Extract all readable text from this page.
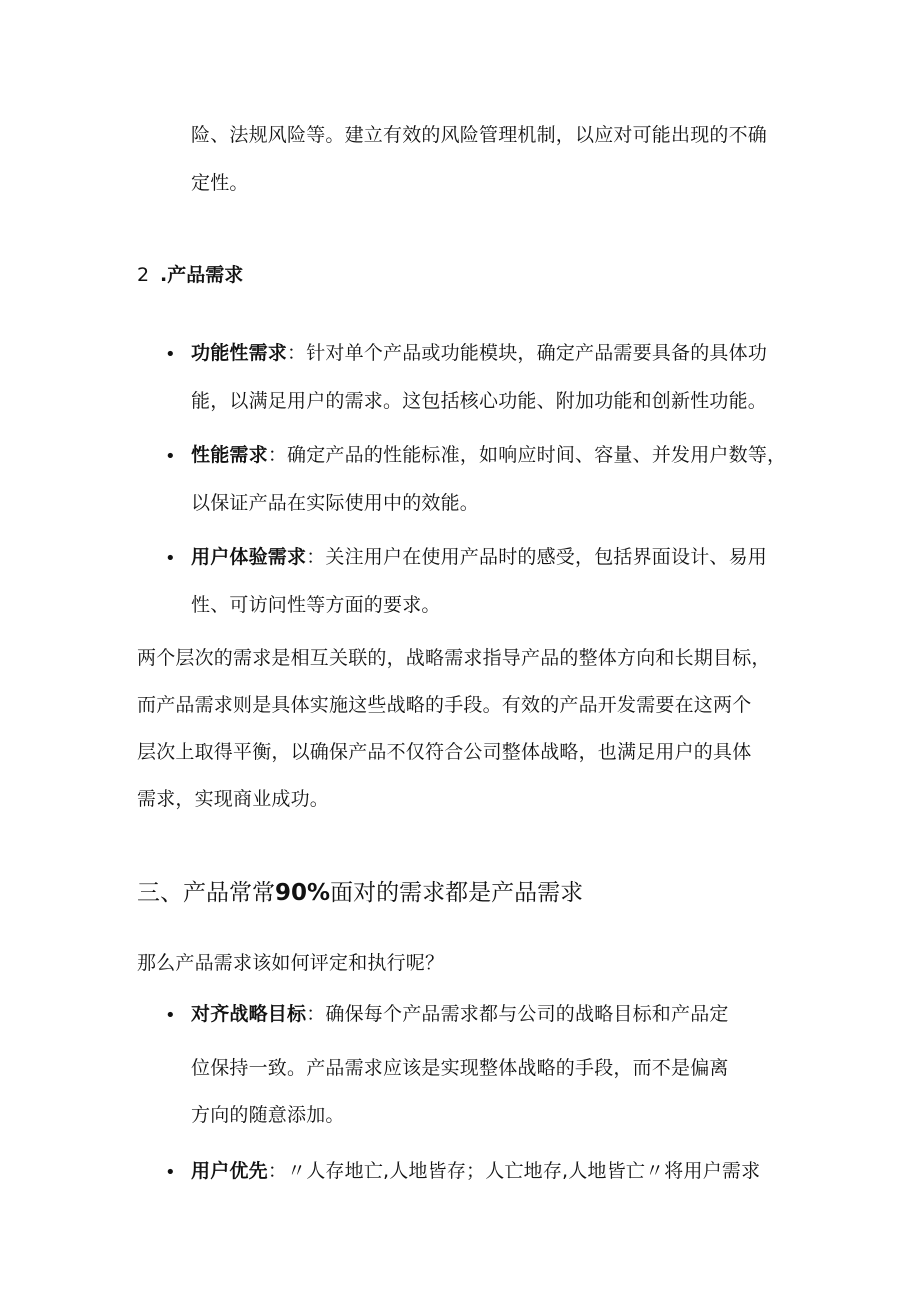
险、法规风险等。建立有效的风险管理机制，以应对可能出现的不确
定性。
2 .产品需求
• 功能性需求：针对单个产品或功能模块，确定产品需要具备的具体功
能，以满足用户的需求。这包括核心功能、附加功能和创新性功能。
• 性能需求：确定产品的性能标准，如响应时间、容量、并发用户数等，
以保证产品在实际使用中的效能。
• 用户体验需求：关注用户在使用产品时的感受，包括界面设计、易用
性、可访问性等方面的要求。
两个层次的需求是相互关联的，战略需求指导产品的整体方向和长期目标，
而产品需求则是具体实施这些战略的手段。有效的产品开发需要在这两个
层次上取得平衡，以确保产品不仅符合公司整体战略，也满足用户的具体
需求，实现商业成功。
三、产品常常90%面对的需求都是产品需求
那么产品需求该如何评定和执行呢？
• 对齐战略目标：确保每个产品需求都与公司的战略目标和产品定
位保持一致。产品需求应该是实现整体战略的手段，而不是偏离
方向的随意添加。
• 用户优先：〃人存地亡,人地皆存；人亡地存,人地皆亡〃将用户需求
